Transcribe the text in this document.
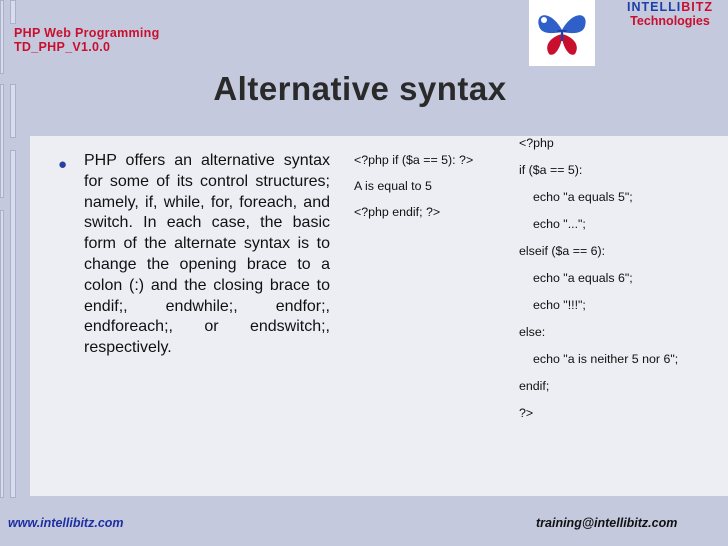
PHP Web Programming
TD_PHP_V1.0.0
T
INTELLIBITZ
Technologies
Alternative syntax
● PHP offers an alternative syntax for some of its control structures; namely, if, while, for, foreach, and switch. In each case, the basic form of the alternate syntax is to change the opening brace to a colon (:) and the closing brace to endif;, endwhile;, endfor;, endforeach;, or endswitch;, respectively.
<?php if ($a == 5): ?>
A is equal to 5
<?php endif; ?>
<?php
if ($a == 5):
echo "a equals 5";
echo "...";
elseif ($a == 6):
echo "a equals 6";
echo "!!!";
else:
echo "a is neither 5 nor 6";
endif;
?>
www.intellibitz.com	training@intellibitz.com
